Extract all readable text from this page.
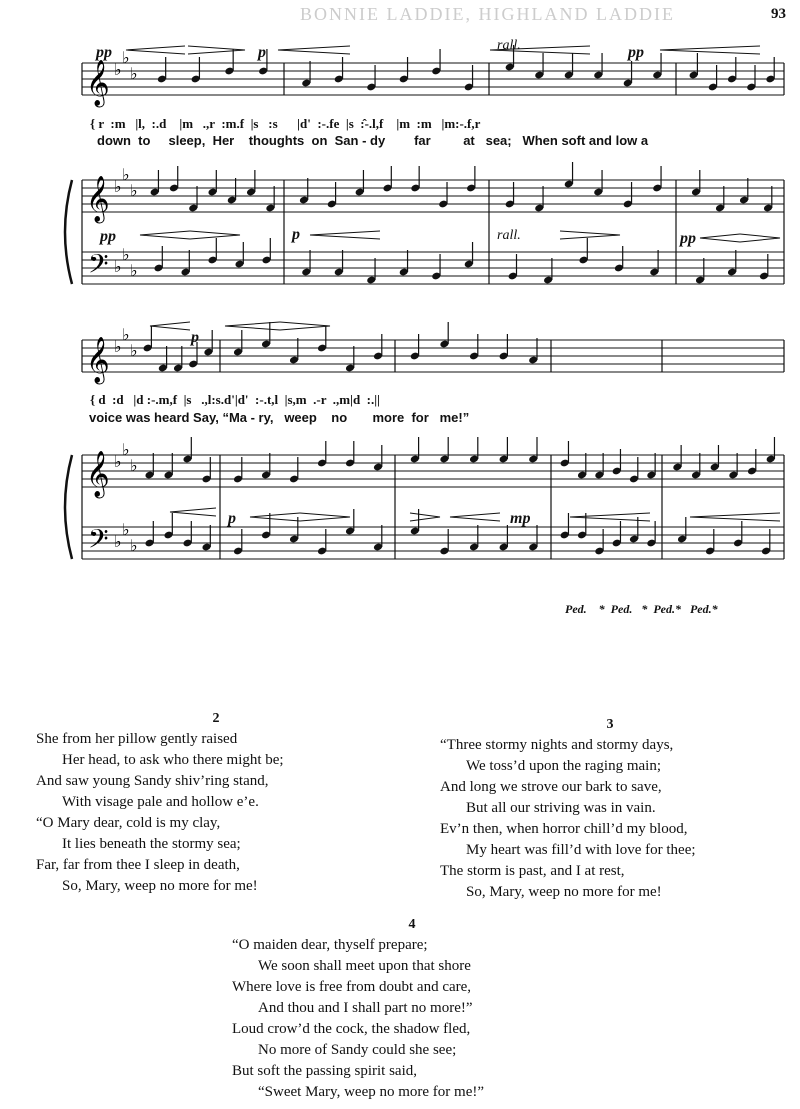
BONNIE LADDIE, HIGHLAND LADDIE	93
𝄞
𝄞
𝄢
♭
♭
♭
♭
♭
♭
♭
♭
♭
𝄞
𝄞
𝄢
♭
♭
♭
♭
♭
♭
♭
♭
♭
pp	p	pp
rall.
{ r  :m   |l,  :.d    |m   .,r  :m.f  |s   :s      |d'  :-.fe  |s  :̂-.l,f    |m  :m   |m:-.f,r
down  to     sleep,  Her    thoughts  on  San - dy        far         at   sea;   When soft and low a
pp	p	pp
rall.
p
{ d  :d   |d :-.m,f  |s   .,l:s.d'|d'  :-.t,l  |s,m  .-r  .,m|d  :.||
voice was heard Say, “Ma - ry,   weep    no       more  for   me!”
p	mp
Ped.    *  Ped.   *  Ped.*   Ped.*
2
She from her pillow gently raised
Her head, to ask who there might be;
And saw young Sandy shiv’ring stand,
With visage pale and hollow e’e.
“O Mary dear, cold is my clay,
It lies beneath the stormy sea;
Far, far from thee I sleep in death,
So, Mary, weep no more for me!
3
“Three stormy nights and stormy days,
We toss’d upon the raging main;
And long we strove our bark to save,
But all our striving was in vain.
Ev’n then, when horror chill’d my blood,
My heart was fill’d with love for thee;
The storm is past, and I at rest,
So, Mary, weep no more for me!
4
“O maiden dear, thyself prepare;
We soon shall meet upon that shore
Where love is free from doubt and care,
And thou and I shall part no more!”
Loud crow’d the cock, the shadow fled,
No more of Sandy could she see;
But soft the passing spirit said,
“Sweet Mary, weep no more for me!”
